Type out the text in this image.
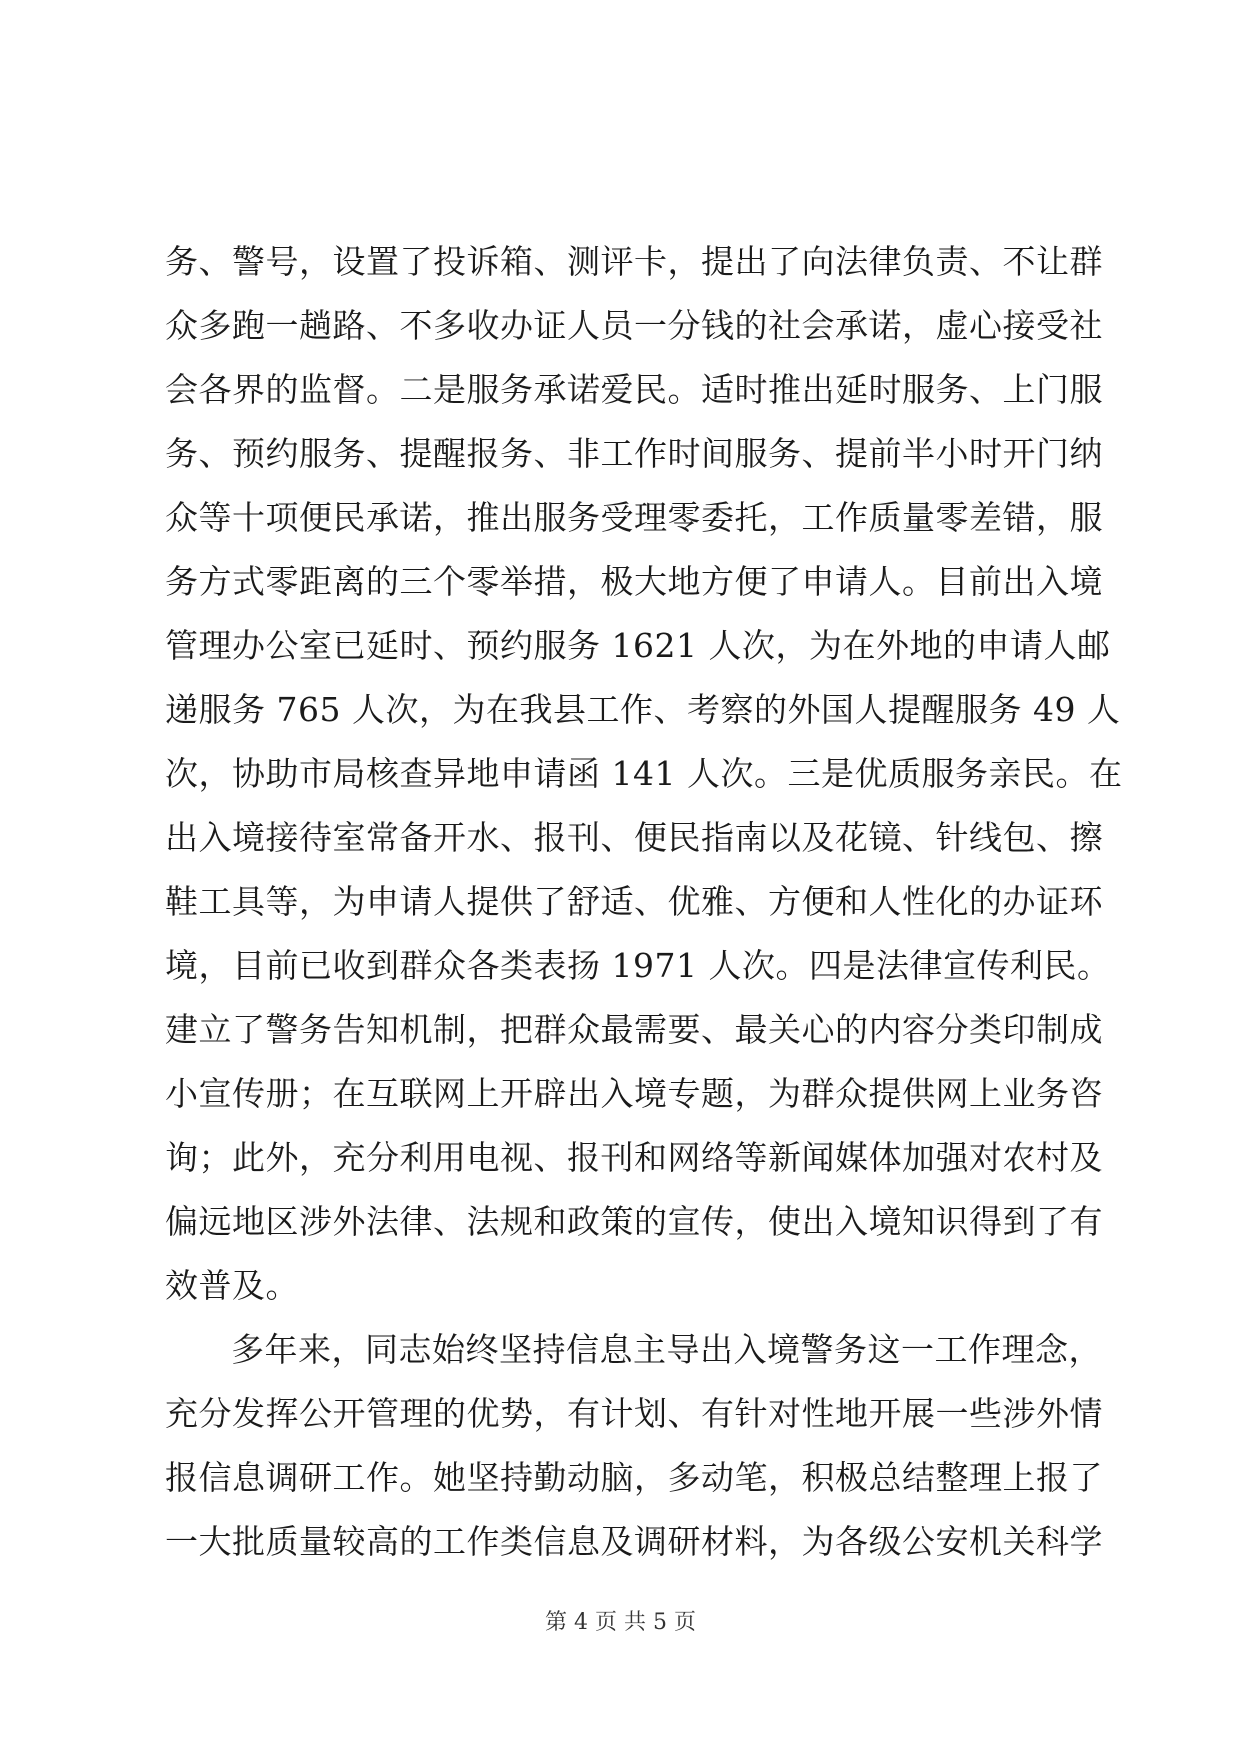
务、警号，设置了投诉箱、测评卡，提出了向法律负责、不让群
众多跑一趟路、不多收办证人员一分钱的社会承诺，虚心接受社
会各界的监督。二是服务承诺爱民。适时推出延时服务、上门服
务、预约服务、提醒报务、非工作时间服务、提前半小时开门纳
众等十项便民承诺，推出服务受理零委托，工作质量零差错，服
务方式零距离的三个零举措，极大地方便了申请人。目前出入境
管理办公室已延时、预约服务 1621 人次，为在外地的申请人邮
递服务 765 人次，为在我县工作、考察的外国人提醒服务 49 人
次，协助市局核查异地申请函 141 人次。三是优质服务亲民。在
出入境接待室常备开水、报刊、便民指南以及花镜、针线包、擦
鞋工具等，为申请人提供了舒适、优雅、方便和人性化的办证环
境，目前已收到群众各类表扬 1971 人次。四是法律宣传利民。
建立了警务告知机制，把群众最需要、最关心的内容分类印制成
小宣传册；在互联网上开辟出入境专题，为群众提供网上业务咨
询；此外，充分利用电视、报刊和网络等新闻媒体加强对农村及
偏远地区涉外法律、法规和政策的宣传，使出入境知识得到了有
效普及。
多年来，同志始终坚持信息主导出入境警务这一工作理念，
充分发挥公开管理的优势，有计划、有针对性地开展一些涉外情
报信息调研工作。她坚持勤动脑，多动笔，积极总结整理上报了
一大批质量较高的工作类信息及调研材料，为各级公安机关科学
第 4 页 共 5 页
